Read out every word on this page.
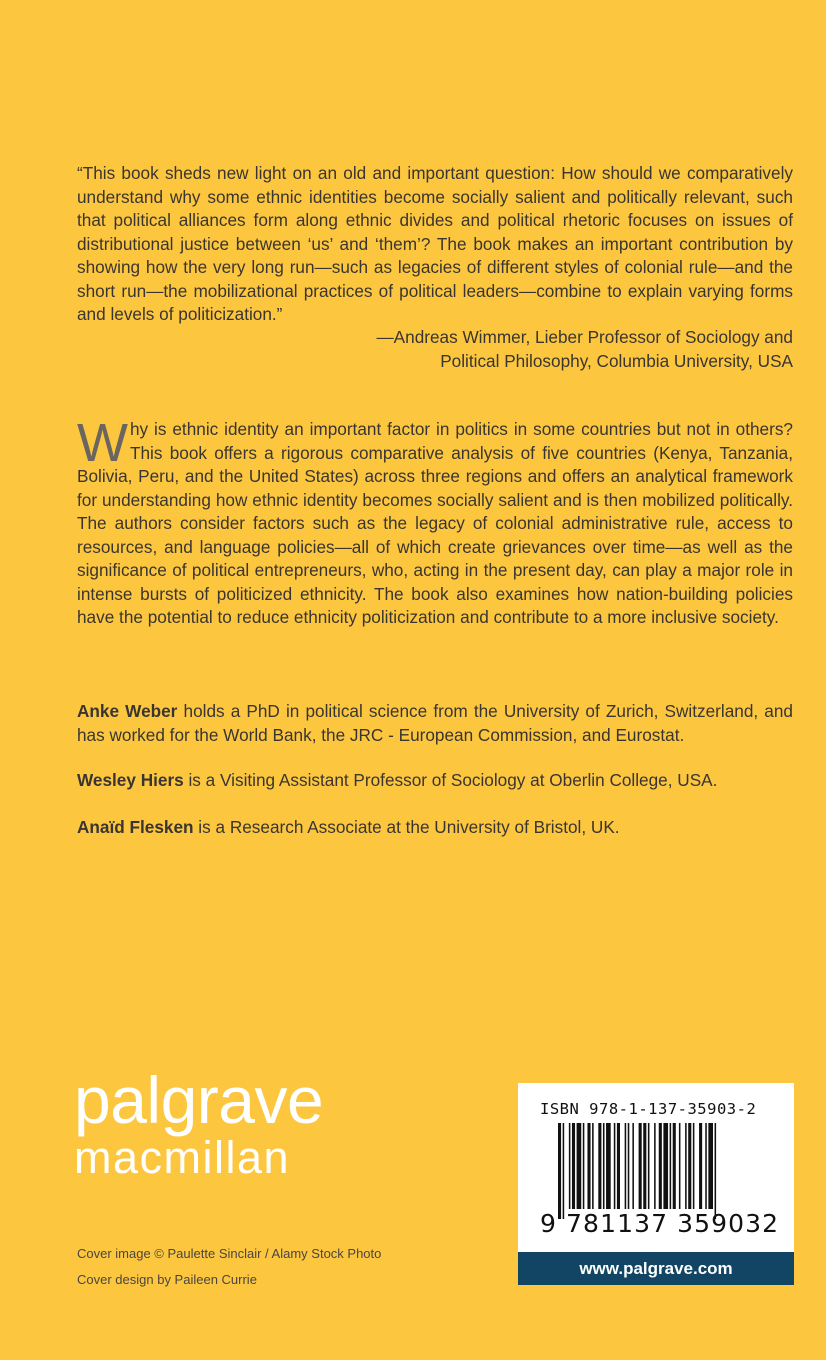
“This book sheds new light on an old and important question: How should we comparatively understand why some ethnic identities become socially salient and politically relevant, such that political alliances form along ethnic divides and political rhetoric focuses on issues of distributional justice between ‘us’ and ‘them’? The book makes an important contribution by showing how the very long run—such as legacies of different styles of colonial rule—and the short run—the mobilizational practices of political leaders—combine to explain varying forms and levels of politicization.”
—Andreas Wimmer, Lieber Professor of Sociology and
Political Philosophy, Columbia University, USA
Why is ethnic identity an important factor in politics in some countries but not in others? This book offers a rigorous comparative analysis of five countries (Kenya, Tanzania, Bolivia, Peru, and the United States) across three regions and offers an analytical framework for understanding how ethnic identity becomes socially salient and is then mobilized politically. The authors consider factors such as the legacy of colonial administrative rule, access to resources, and language policies—all of which create grievances over time—as well as the significance of political entrepreneurs, who, acting in the present day, can play a major role in intense bursts of politicized ethnicity. The book also examines how nation-building policies have the potential to reduce ethnicity politicization and contribute to a more inclusive society.
Anke Weber holds a PhD in political science from the University of Zurich, Switzerland, and has worked for the World Bank, the JRC - European Commission, and Eurostat.
Wesley Hiers is a Visiting Assistant Professor of Sociology at Oberlin College, USA.
Anaïd Flesken is a Research Associate at the University of Bristol, UK.
palgrave
macmillan
Cover image © Paulette Sinclair / Alamy Stock Photo
Cover design by Paileen Currie
ISBN 978-1-137-35903-2
9 781137 359032
www.palgrave.com
